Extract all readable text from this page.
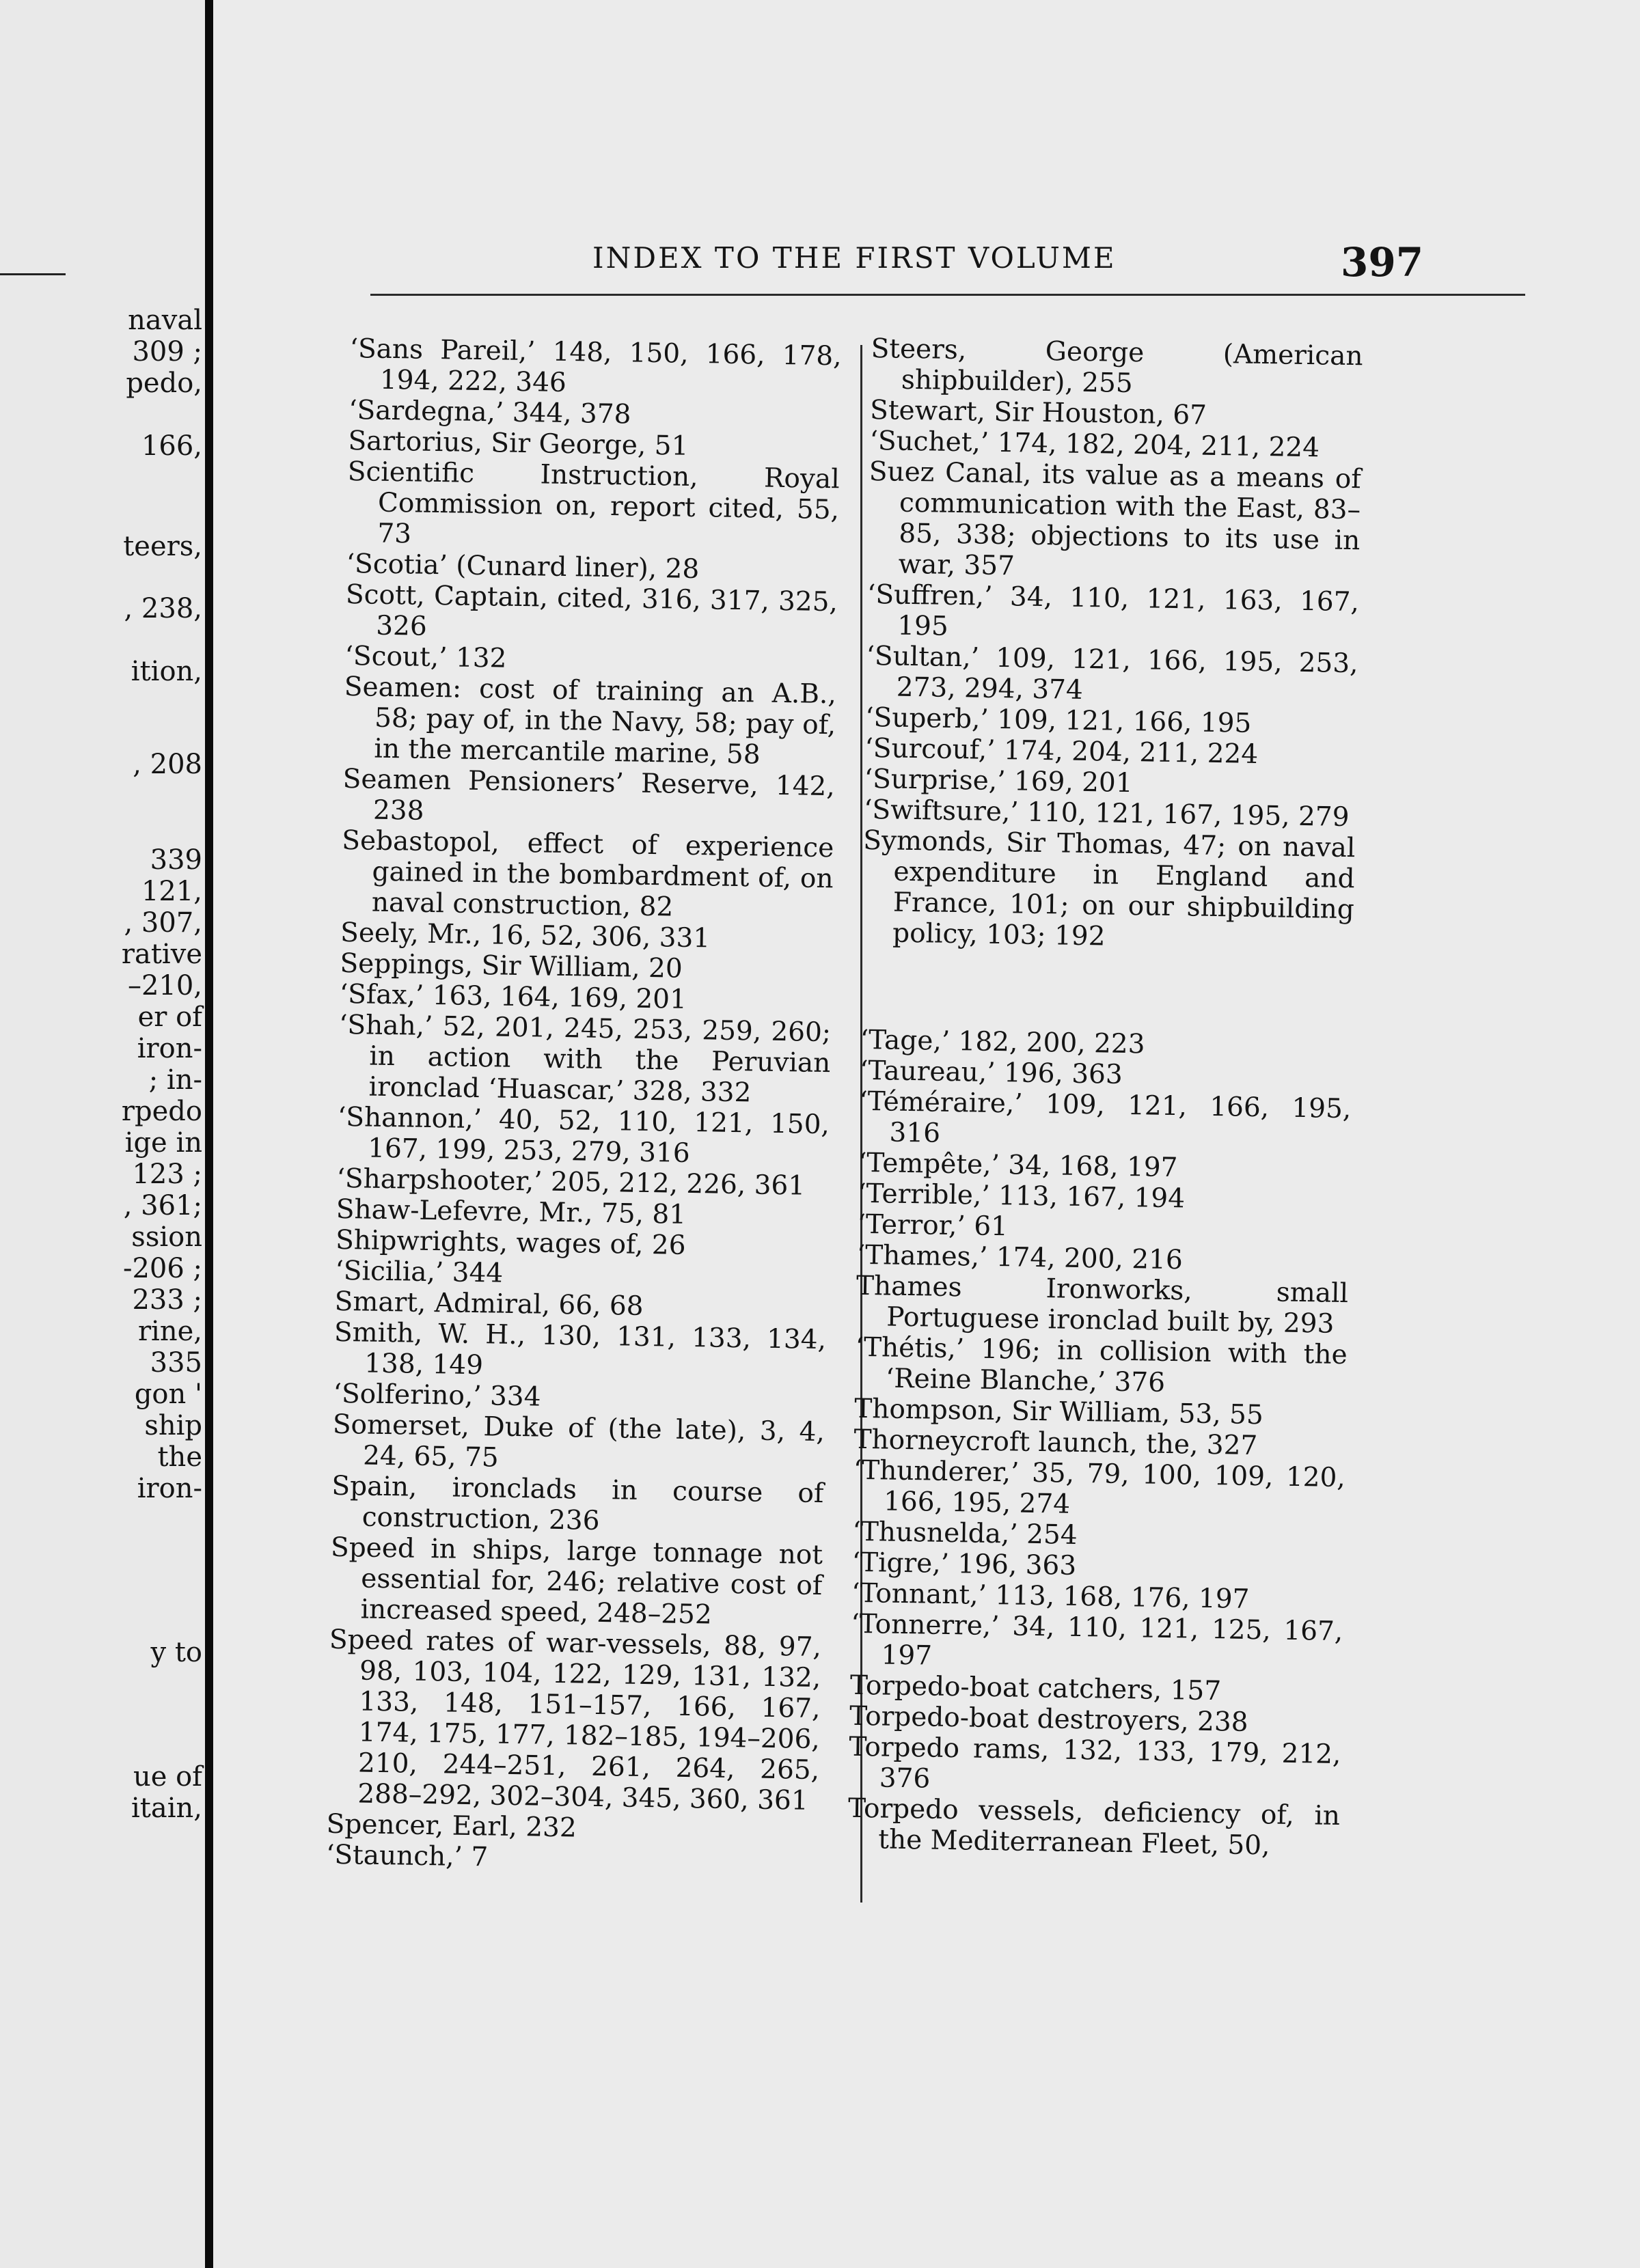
naval

309 ;

pedo,

166,

teers,

, 238,

ition,

, 208

339

121,

, 307,

rative

–210,

er of

iron-

; in-

rpedo

ige in

123 ;

, 361;

ssion

-206 ;

233 ;

rine,

335

gon '

ship

the

iron-

y to

ue of

itain,

INDEX TO THE FIRST VOLUME	397

‘Sans Pareil,’ 148, 150, 166, 178, 194, 222, 346

‘Sardegna,’ 344, 378

Sartorius, Sir George, 51

Scientific Instruction, Royal Commission on, report cited, 55, 73

‘Scotia’ (Cunard liner), 28

Scott, Captain, cited, 316, 317, 325, 326

‘Scout,’ 132

Seamen: cost of training an A.B., 58; pay of, in the Navy, 58; pay of, in the mercantile marine, 58

Seamen Pensioners’ Reserve, 142, 238

Sebastopol, effect of experience gained in the bombardment of, on naval construction, 82

Seely, Mr., 16, 52, 306, 331

Seppings, Sir William, 20

‘Sfax,’ 163, 164, 169, 201

‘Shah,’ 52, 201, 245, 253, 259, 260; in action with the Peruvian ironclad ‘Huascar,’ 328, 332

‘Shannon,’ 40, 52, 110, 121, 150, 167, 199, 253, 279, 316

‘Sharpshooter,’ 205, 212, 226, 361

Shaw-Lefevre, Mr., 75, 81

Shipwrights, wages of, 26

‘Sicilia,’ 344

Smart, Admiral, 66, 68

Smith, W. H., 130, 131, 133, 134, 138, 149

‘Solferino,’ 334

Somerset, Duke of (the late), 3, 4, 24, 65, 75

Spain, ironclads in course of construction, 236

Speed in ships, large tonnage not essential for, 246; relative cost of increased speed, 248–252

Speed rates of war-vessels, 88, 97, 98, 103, 104, 122, 129, 131, 132, 133, 148, 151–157, 166, 167, 174, 175, 177, 182–185, 194–206, 210, 244–251, 261, 264, 265, 288–292, 302–304, 345, 360, 361

Spencer, Earl, 232

‘Staunch,’ 7

Steers, George (American shipbuilder), 255

Stewart, Sir Houston, 67

‘Suchet,’ 174, 182, 204, 211, 224

Suez Canal, its value as a means of communication with the East, 83–85, 338; objections to its use in war, 357

‘Suffren,’ 34, 110, 121, 163, 167, 195

‘Sultan,’ 109, 121, 166, 195, 253, 273, 294, 374

‘Superb,’ 109, 121, 166, 195

‘Surcouf,’ 174, 204, 211, 224

‘Surprise,’ 169, 201

‘Swiftsure,’ 110, 121, 167, 195, 279

Symonds, Sir Thomas, 47; on naval expenditure in England and France, 101; on our shipbuilding policy, 103; 192

‘Tage,’ 182, 200, 223

‘Taureau,’ 196, 363

‘Téméraire,’ 109, 121, 166, 195, 316

‘Tempête,’ 34, 168, 197

‘Terrible,’ 113, 167, 194

‘Terror,’ 61

‘Thames,’ 174, 200, 216

Thames Ironworks, small Portuguese ironclad built by, 293

‘Thétis,’ 196; in collision with the ‘Reine Blanche,’ 376

Thompson, Sir William, 53, 55

Thorneycroft launch, the, 327

‘Thunderer,’ 35, 79, 100, 109, 120, 166, 195, 274

‘Thusnelda,’ 254

‘Tigre,’ 196, 363

‘Tonnant,’ 113, 168, 176, 197

‘Tonnerre,’ 34, 110, 121, 125, 167, 197

Torpedo-boat catchers, 157

Torpedo-boat destroyers, 238

Torpedo rams, 132, 133, 179, 212, 376

Torpedo vessels, deficiency of, in the Mediterranean Fleet, 50,
